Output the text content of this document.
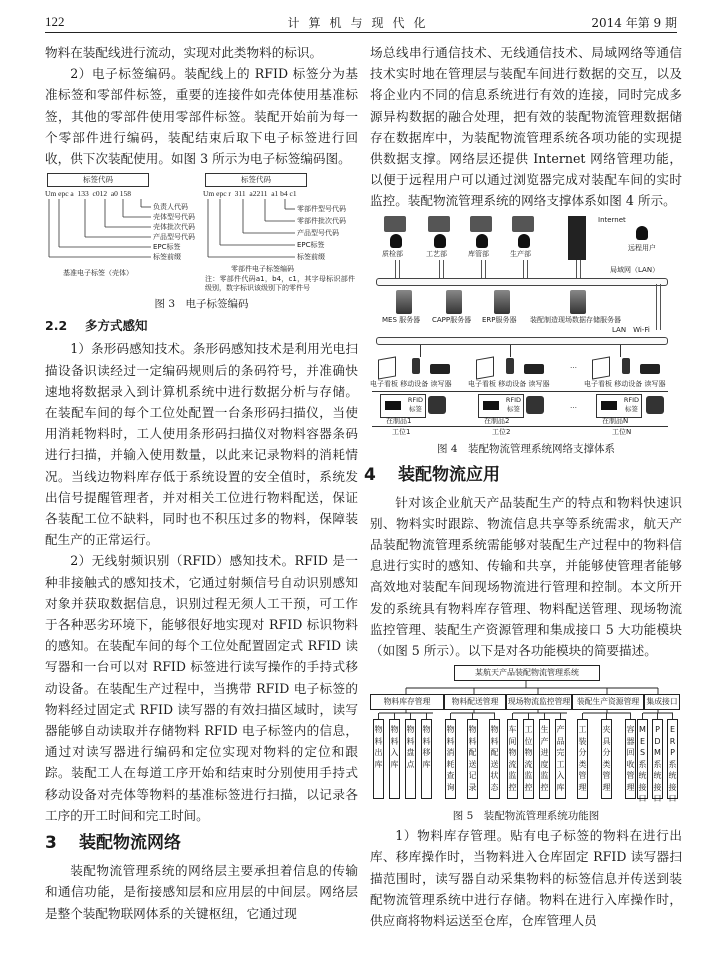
122	计算机与现代化	2014 年第 9 期

物料在装配线进行流动，实现对此类物料的标识。

2）电子标签编码。装配线上的 RFID 标签分为基准标签和零部件标签，重要的连接件如壳体使用基准标签，其他的零部件使用零部件标签。装配开始前为每一个零部件进行编码，装配结束后取下电子标签进行回收，供下次装配使用。如图 3 所示为电子标签编码图。

标签代码
Um epc a 133 c012 a0 158
负责人代码
壳体型号代码
壳体批次代码
产品型号代码
EPC标签
标签前缀
基准电子标签（壳体）
标签代码
Um epc r 311 a2211 a1 b4 c1
零部件型号代码
零部件批次代码
产品型号代码
EPC标签
标签前缀
零部件电子标签编码
注：零部件代码a1，b4，c1，其字母标识部件级别，数字标识该级别下的零件号

图 3　电子标签编码

2.2 多方式感知

1）条形码感知技术。条形码感知技术是利用光电扫描设备识读经过一定编码规则后的条码符号，并准确快速地将数据录入到计算机系统中进行数据分析与存储。在装配车间的每个工位处配置一台条形码扫描仪，当使用消耗物料时，工人使用条形码扫描仪对物料容器条码进行扫描，并输入使用数量，以此来记录物料的消耗情况。当线边物料库存低于系统设置的安全值时，系统发出信号提醒管理者，并对相关工位进行物料配送，保证各装配工位不缺料，同时也不积压过多的物料，保障装配生产的正常运行。

2）无线射频识别（RFID）感知技术。RFID 是一种非接触式的感知技术，它通过射频信号自动识别感知对象并获取数据信息，识别过程无须人工干预，可工作于各种恶劣环境下，能够很好地实现对 RFID 标识物料的感知。在装配车间的每个工位处配置固定式 RFID 读写器和一台可以对 RFID 标签进行读写操作的手持式移动设备。在装配生产过程中，当携带 RFID 电子标签的物料经过固定式 RFID 读写器的有效扫描区域时，读写器能够自动读取并存储物料 RFID 电子标签内的信息，通过对读写器进行编码和定位实现对物料的定位和跟踪。装配工人在每道工序开始和结束时分别使用手持式移动设备对壳体等物料的基准标签进行扫描，以记录各工序的开工时间和完工时间。

3 装配物流网络

装配物流管理系统的网络层主要承担着信息的传输和通信功能，是衔接感知层和应用层的中间层。网络层是整个装配物联网体系的关键枢纽，它通过现

场总线串行通信技术、无线通信技术、局域网络等通信技术实时地在管理层与装配车间进行数据的交互，以及将企业内不同的信息系统进行有效的连接，同时完成多源异构数据的融合处理，把有效的装配物流管理数据储存在数据库中，为装配物流管理系统各项功能的实现提供数据支撑。网络层还提供 Internet 网络管理功能，以便于远程用户可以通过浏览器完成对装配车间的实时监控。装配物流管理系统的网络支撑体系如图 4 所示。

质检部	工艺部	库管部	生产部
Internet
远程用户
局域网（LAN）
MES 服务器 CAPP服务器 ERP服务器 装配制造现场数据存储服务器
LAN　Wi-Fi
电子看板 移动设备 读写器 电子看板 移动设备 读写器
…
电子看板 移动设备 读写器
RFID
标签
在制品1
RFID
标签
在制品2
…
RFID
标签
在制品N
工位1	工位2	工位N

图 4　装配物流管理系统网络支撑体系

4 装配物流应用

针对该企业航天产品装配生产的特点和物料快速识别、物料实时跟踪、物流信息共享等系统需求，航天产品装配物流管理系统需能够对装配生产过程中的物料信息进行实时的感知、传输和共享，并能够使管理者能够高效地对装配车间现场物流进行管理和控制。本文所开发的系统具有物料库存管理、物料配送管理、现场物流监控管理、装配生产资源管理和集成接口 5 大功能模块（如图 5 所示）。以下是对各功能模块的简要描述。

某航天产品装配物流管理系统
物料库存管理
物料出库
物料入库
物料盘点
物料移库
物料配送管理
物料消耗查询
物料配送记录
物料配送状态
现场物流监控管理
车间物流监控
工位物流监控
生产进度监控
产品完工入库
装配生产资源管理
工装分类管理
夹具分类管理
容器回收管理
集成接口
MES系统接口
PDM系统接口
ERP系统接口

图 5　装配物流管理系统功能图

1）物料库存管理。贴有电子标签的物料在进行出库、移库操作时，当物料进入仓库固定 RFID 读写器扫描范围时，读写器自动采集物料的标签信息并传送到装配物流管理系统中进行存储。物料在进行入库操作时，供应商将物料运送至仓库，仓库管理人员
